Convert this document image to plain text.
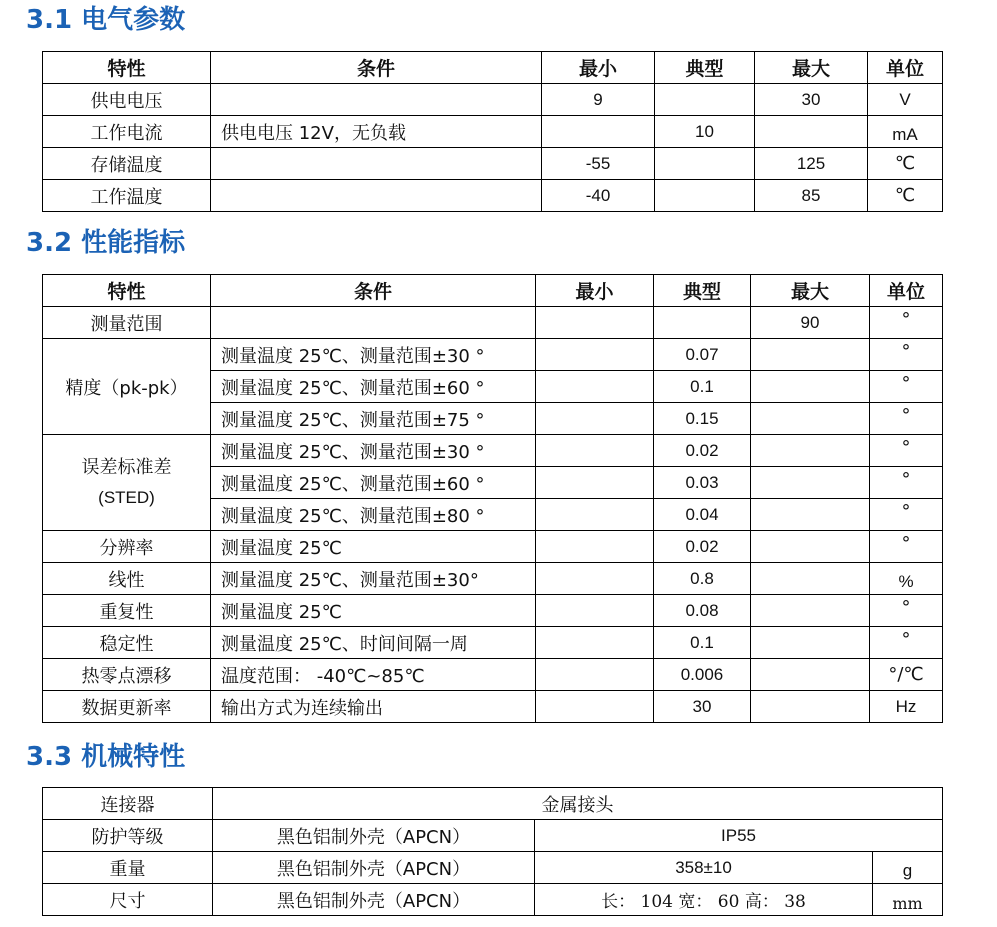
3.1 电气参数
特性	条件	最小	典型	最大	单位
供电电压		9		30	V
工作电流	供电电压 12V，无负载		10		mA
存储温度		-55		125	℃
工作温度		-40		85	℃
3.2 性能指标
特性	条件	最小	典型	最大	单位
测量范围				90	°
精度（pk-pk）	测量温度 25℃、测量范围±30 °		0.07		°
	测量温度 25℃、测量范围±60 °		0.1		°
	测量温度 25℃、测量范围±75 °		0.15		°

误差标准差
(STED)	测量温度 25℃、测量范围±30 °		0.02		°
	测量温度 25℃、测量范围±60 °		0.03		°
	测量温度 25℃、测量范围±80 °		0.04		°
分辨率	测量温度 25℃		0.02		°
线性	测量温度 25℃、测量范围±30°		0.8		%
重复性	测量温度 25℃		0.08		°
稳定性	测量温度 25℃、时间间隔一周		0.1		°
热零点漂移	温度范围： -40℃~85℃		0.006		°/℃
数据更新率	输出方式为连续输出		30		Hz
3.3 机械特性
连接器	金属接头		
防护等级	黑色铝制外壳（APCN）	IP55	
重量	黑色铝制外壳（APCN）	358±10	g
尺寸	黑色铝制外壳（APCN）	长： 104 宽： 60 高： 38	mm
